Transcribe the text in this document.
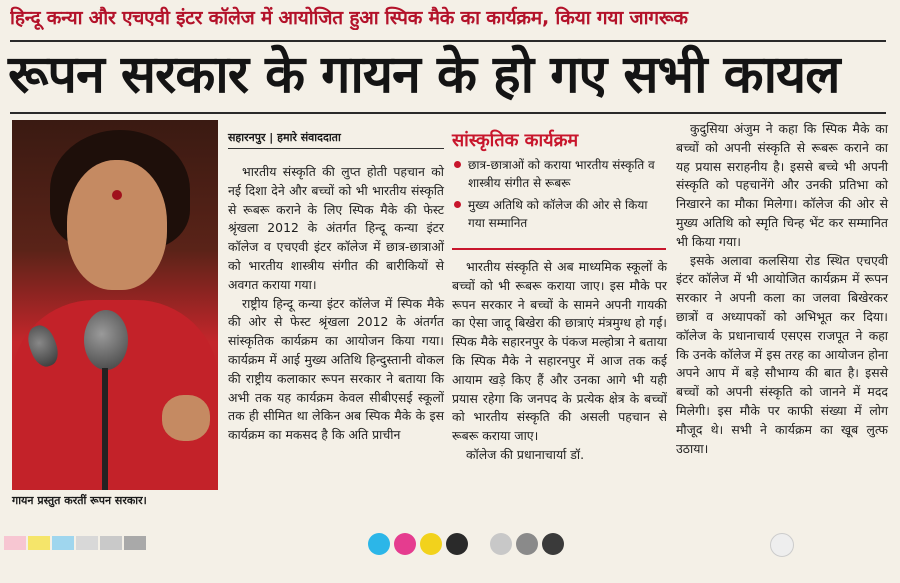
हिन्दू कन्या और एचएवी इंटर कॉलेज में आयोजित हुआ स्पिक मैके का कार्यक्रम, किया गया जागरूक
रूपन सरकार के गायन के हो गए सभी कायल
गायन प्रस्तुत करतीं रूपन सरकार।
सहारनपुर | हमारे संवाददाता

भारतीय संस्कृति की लुप्त होती पहचान को नई दिशा देने और बच्चों को भी भारतीय संस्कृति से रूबरू कराने के लिए स्पिक मैके की फेस्ट श्रृंखला 2012 के अंतर्गत हिन्दू कन्या इंटर कॉलेज व एचएवी इंटर कॉलेज में छात्र-छात्राओं को भारतीय शास्त्रीय संगीत की बारीकियों से अवगत कराया गया।

राष्ट्रीय हिन्दू कन्या इंटर कॉलेज में स्पिक मैके की ओर से फेस्ट श्रृंखला 2012 के अंतर्गत सांस्कृतिक कार्यक्रम का आयोजन किया गया। कार्यक्रम में आई मुख्य अतिथि हिन्दुस्तानी वोकल की राष्ट्रीय कलाकार रूपन सरकार ने बताया कि अभी तक यह कार्यक्रम केवल सीबीएसई स्कूलों तक ही सीमित था लेकिन अब स्पिक मैके के इस कार्यक्रम का मकसद है कि अति प्राचीन

सांस्कृतिक कार्यक्रम
छात्र-छात्राओं को कराया भारतीय संस्कृति व शास्त्रीय संगीत से रूबरू
मुख्य अतिथि को कॉलेज की ओर से किया गया सम्मानित

भारतीय संस्कृति से अब माध्यमिक स्कूलों के बच्चों को भी रूबरू कराया जाए। इस मौके पर रूपन सरकार ने बच्चों के सामने अपनी गायकी का ऐसा जादू बिखेरा की छात्राएं मंत्रमुग्ध हो गई। स्पिक मैके सहारनपुर के पंकज मल्होत्रा ने बताया कि स्पिक मैके ने सहारनपुर में आज तक कई आयाम खड़े किए हैं और उनका आगे भी यही प्रयास रहेगा कि जनपद के प्रत्येक क्षेत्र के बच्चों को भारतीय संस्कृति की असली पहचान से रूबरू कराया जाए।

कॉलेज की प्रधानाचार्या डॉ.

कुदुसिया अंजुम ने कहा कि स्पिक मैके का बच्चों को अपनी संस्कृति से रूबरू कराने का यह प्रयास सराहनीय है। इससे बच्चे भी अपनी संस्कृति को पहचानेंगे और उनकी प्रतिभा को निखारने का मौका मिलेगा। कॉलेज की ओर से मुख्य अतिथि को स्मृति चिन्ह भेंट कर सम्मानित भी किया गया।

इसके अलावा कलसिया रोड स्थित एचएवी इंटर कॉलेज में भी आयोजित कार्यक्रम में रूपन सरकार ने अपनी कला का जलवा बिखेरकर छात्रों व अध्यापकों को अभिभूत कर दिया। कॉलेज के प्रधानाचार्य एसएस राजपूत ने कहा कि उनके कॉलेज में इस तरह का आयोजन होना अपने आप में बड़े सौभाग्य की बात है। इससे बच्चों को अपनी संस्कृति को जानने में मदद मिलेगी। इस मौके पर काफी संख्या में लोग मौजूद थे। सभी ने कार्यक्रम का खूब लुत्फ उठाया।
